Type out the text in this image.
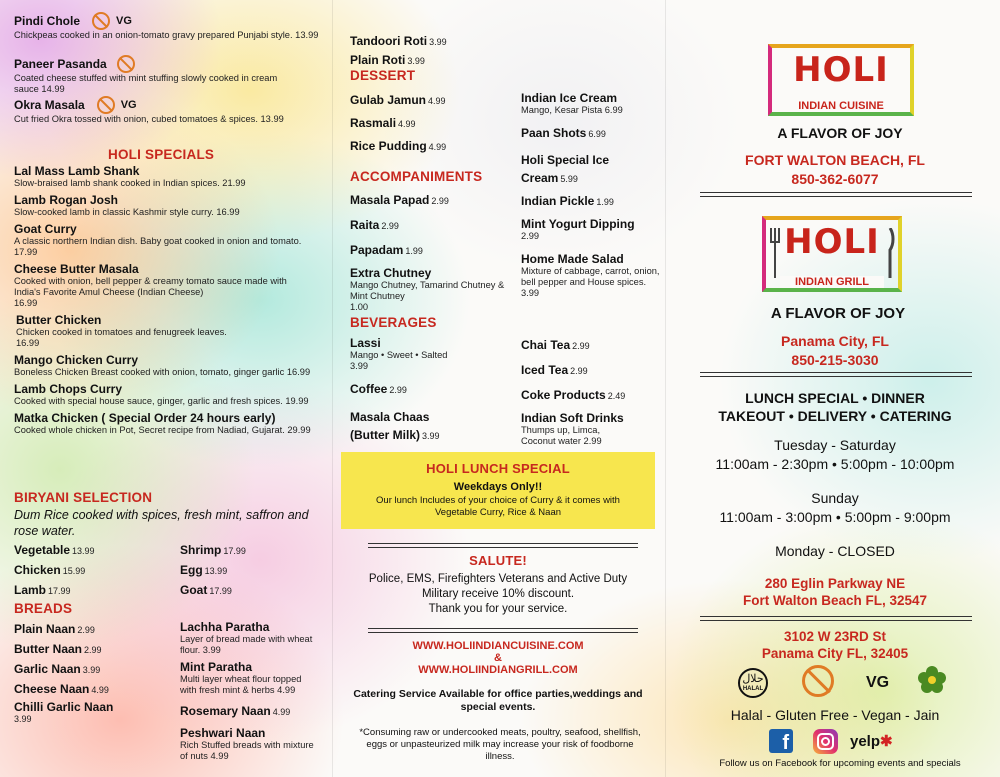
Pindi Chole	VG
Chickpeas cooked in an onion-tomato gravy prepared Punjabi style. 13.99
Paneer Pasanda
Coated cheese stuffed with mint stuffing slowly cooked in cream sauce 14.99
Okra Masala	VG
Cut fried Okra tossed with onion, cubed tomatoes & spices. 13.99
HOLI SPECIALS
Lal Mass Lamb Shank
Slow-braised lamb shank cooked in Indian spices. 21.99
Lamb Rogan Josh
Slow-cooked lamb in classic Kashmir style curry. 16.99
Goat Curry
A classic northern Indian dish. Baby goat cooked in onion and tomato. 17.99
Cheese Butter Masala
Cooked with onion, bell pepper & creamy tomato sauce made with India's Favorite Amul Cheese (Indian Cheese)
16.99
Butter Chicken
Chicken cooked in tomatoes and fenugreek leaves. 16.99
Mango Chicken Curry
Boneless Chicken Breast cooked with onion, tomato, ginger garlic 16.99
Lamb Chops Curry
Cooked with special house sauce, ginger, garlic and fresh spices. 19.99
Matka Chicken ( Special Order 24 hours early)
Cooked whole chicken in Pot, Secret recipe from Nadiad, Gujarat. 29.99
BIRYANI SELECTION
Dum Rice cooked with spices, fresh mint, saffron and rose water.
Vegetable 13.99
Chicken 15.99
Lamb 17.99
Shrimp 17.99
Egg 13.99
Goat 17.99
BREADS
Plain Naan 2.99
Butter Naan 2.99
Garlic Naan 3.99
Cheese Naan 4.99
Chilli Garlic Naan
3.99
Lachha Paratha
Layer of bread made with wheat flour. 3.99
Mint Paratha
Multi layer wheat flour topped with fresh mint & herbs 4.99
Rosemary Naan 4.99
Peshwari Naan
Rich Stuffed breads with mixture of nuts 4.99
Tandoori Roti 3.99
Plain Roti 3.99
DESSERT
Gulab Jamun 4.99
Rasmali 4.99
Rice Pudding 4.99
Indian Ice Cream
Mango, Kesar Pista 6.99
Paan Shots 6.99
Holi Special Ice Cream 5.99
ACCOMPANIMENTS
Masala Papad 2.99
Raita 2.99
Papadam 1.99
Extra Chutney
Mango Chutney, Tamarind Chutney & Mint Chutney
1.00
Indian Pickle 1.99
Mint Yogurt Dipping
2.99
Home Made Salad
Mixture of cabbage, carrot, onion, bell pepper and House spices. 3.99
BEVERAGES
Lassi
Mango • Sweet • Salted
3.99
Coffee 2.99
Masala Chaas (Butter Milk) 3.99
Chai Tea 2.99
Iced Tea 2.99
Coke Products 2.49
Indian Soft Drinks
Thumps up, Limca, Coconut water 2.99
HOLI LUNCH SPECIAL
Weekdays Only!!
Our lunch Includes of your choice of Curry & it comes with Vegetable Curry, Rice & Naan
SALUTE!
Police, EMS, Firefighters Veterans and Active Duty
Military receive 10% discount.
Thank you for your service.
WWW.HOLIINDIANCUISINE.COM
&
WWW.HOLIINDIANGRILL.COM
Catering Service Available for office parties,weddings and special events.
*Consuming raw or undercooked meats, poultry, seafood, shellfish, eggs or unpasteurized milk may increase your risk of foodborne illness.
HOLI
INDIAN CUISINE
A FLAVOR OF JOY
FORT WALTON BEACH, FL
850-362-6077
HOLI
INDIAN GRILL
A FLAVOR OF JOY
Panama City, FL
850-215-3030
LUNCH SPECIAL • DINNER
TAKEOUT • DELIVERY • CATERING
Tuesday - Saturday
11:00am - 2:30pm • 5:00pm - 10:00pm
Sunday
11:00am - 3:00pm • 5:00pm - 9:00pm
Monday - CLOSED
280 Eglin Parkway NE
Fort Walton Beach FL, 32547
3102 W 23RD St
Panama City FL, 32405
حلال
HALAL	VG
Halal - Gluten Free - Vegan - Jain
f	yelp✱
Follow us on Facebook for upcoming events and specials
